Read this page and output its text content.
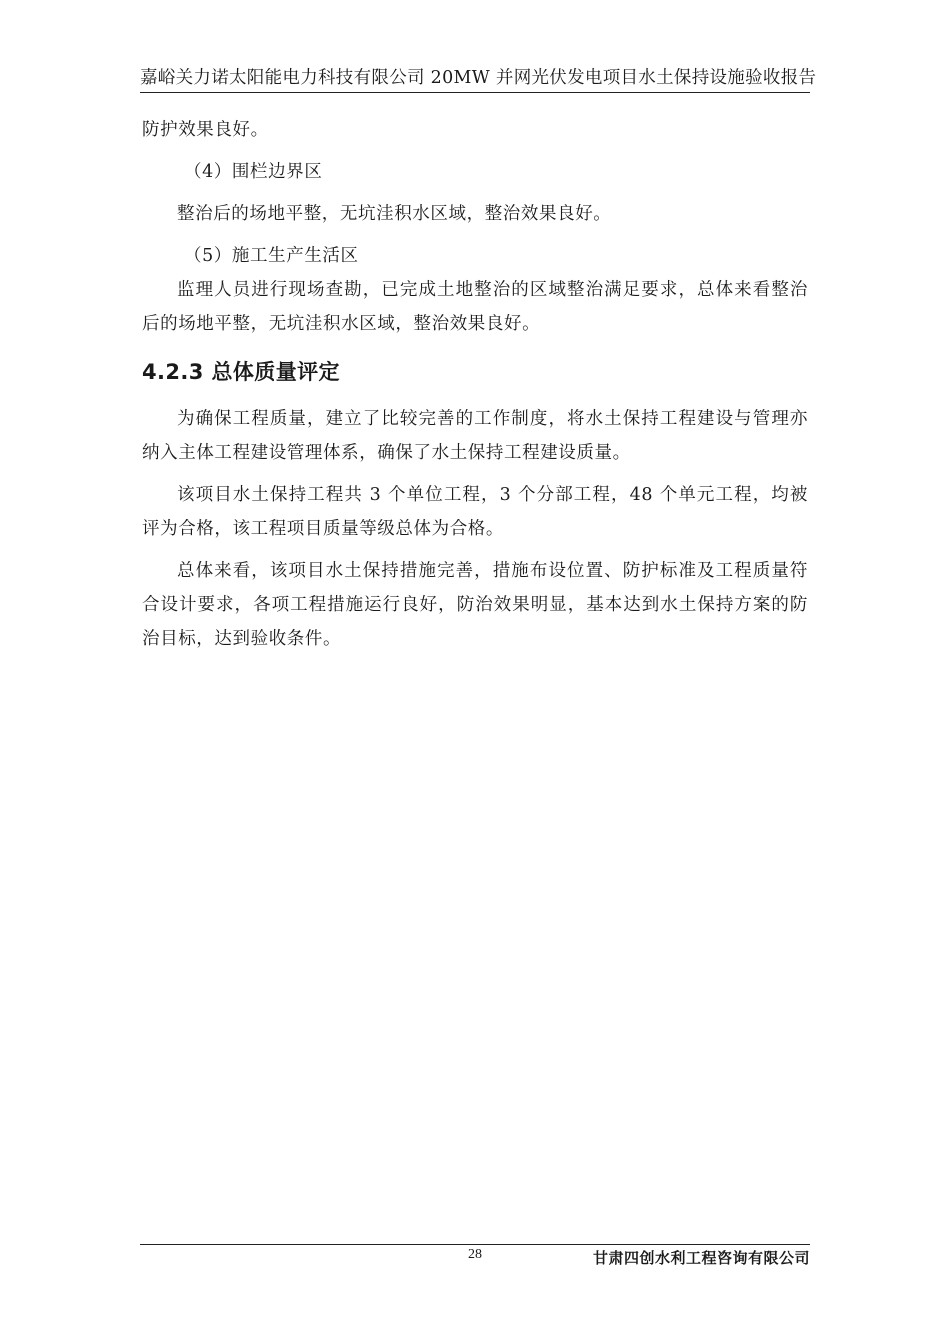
嘉峪关力诺太阳能电力科技有限公司 20MW 并网光伏发电项目水土保持设施验收报告

防护效果良好。

（4）围栏边界区

整治后的场地平整，无坑洼积水区域，整治效果良好。

（5）施工生产生活区

监理人员进行现场查勘，已完成土地整治的区域整治满足要求，总体来看整治后的场地平整，无坑洼积水区域，整治效果良好。

4.2.3 总体质量评定

为确保工程质量，建立了比较完善的工作制度，将水土保持工程建设与管理亦纳入主体工程建设管理体系，确保了水土保持工程建设质量。

该项目水土保持工程共 3 个单位工程，3 个分部工程，48 个单元工程，均被评为合格，该工程项目质量等级总体为合格。

总体来看，该项目水土保持措施完善，措施布设位置、防护标准及工程质量符合设计要求，各项工程措施运行良好，防治效果明显，基本达到水土保持方案的防治目标，达到验收条件。

28	甘肃四创水利工程咨询有限公司
